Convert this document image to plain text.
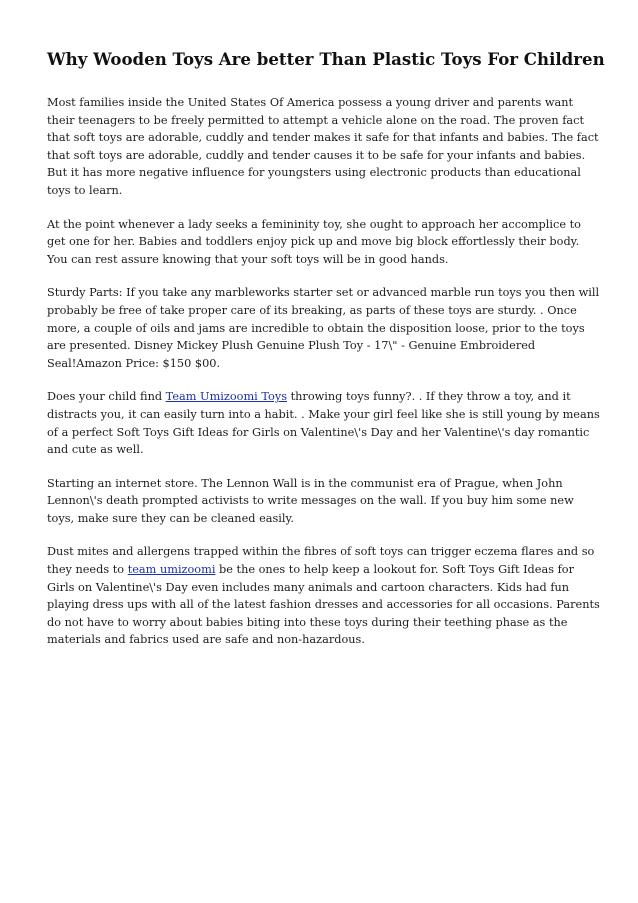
Why Wooden Toys Are better Than Plastic Toys For Children

Most families inside the United States Of America possess a young driver and parents want their teenagers to be freely permitted to attempt a vehicle alone on the road. The proven fact that soft toys are adorable, cuddly and tender makes it safe for that infants and babies. The fact that soft toys are adorable, cuddly and tender causes it to be safe for your infants and babies. But it has more negative influence for youngsters using electronic products than educational toys to learn.

At the point whenever a lady seeks a femininity toy, she ought to approach her accomplice to get one for her. Babies and toddlers enjoy pick up and move big block effortlessly their body. You can rest assure knowing that your soft toys will be in good hands.

Sturdy Parts: If you take any marbleworks starter set or advanced marble run toys you then will probably be free of take proper care of its breaking, as parts of these toys are sturdy. . Once more, a couple of oils and jams are incredible to obtain the disposition loose, prior to the toys are presented. Disney Mickey Plush Genuine Plush Toy - 17\" - Genuine Embroidered Seal!Amazon Price: $150 $00.

Does your child find Team Umizoomi Toys throwing toys funny?. . If they throw a toy, and it distracts you, it can easily turn into a habit. . Make your girl feel like she is still young by means of a perfect Soft Toys Gift Ideas for Girls on Valentine\'s Day and her Valentine\'s day romantic and cute as well.

Starting an internet store. The Lennon Wall is in the communist era of Prague, when John Lennon\'s death prompted activists to write messages on the wall. If you buy him some new toys, make sure they can be cleaned easily.

Dust mites and allergens trapped within the fibres of soft toys can trigger eczema flares and so they needs to team umizoomi be the ones to help keep a lookout for. Soft Toys Gift Ideas for Girls on Valentine\'s Day even includes many animals and cartoon characters. Kids had fun playing dress ups with all of the latest fashion dresses and accessories for all occasions. Parents do not have to worry about babies biting into these toys during their teething phase as the materials and fabrics used are safe and non-hazardous.
